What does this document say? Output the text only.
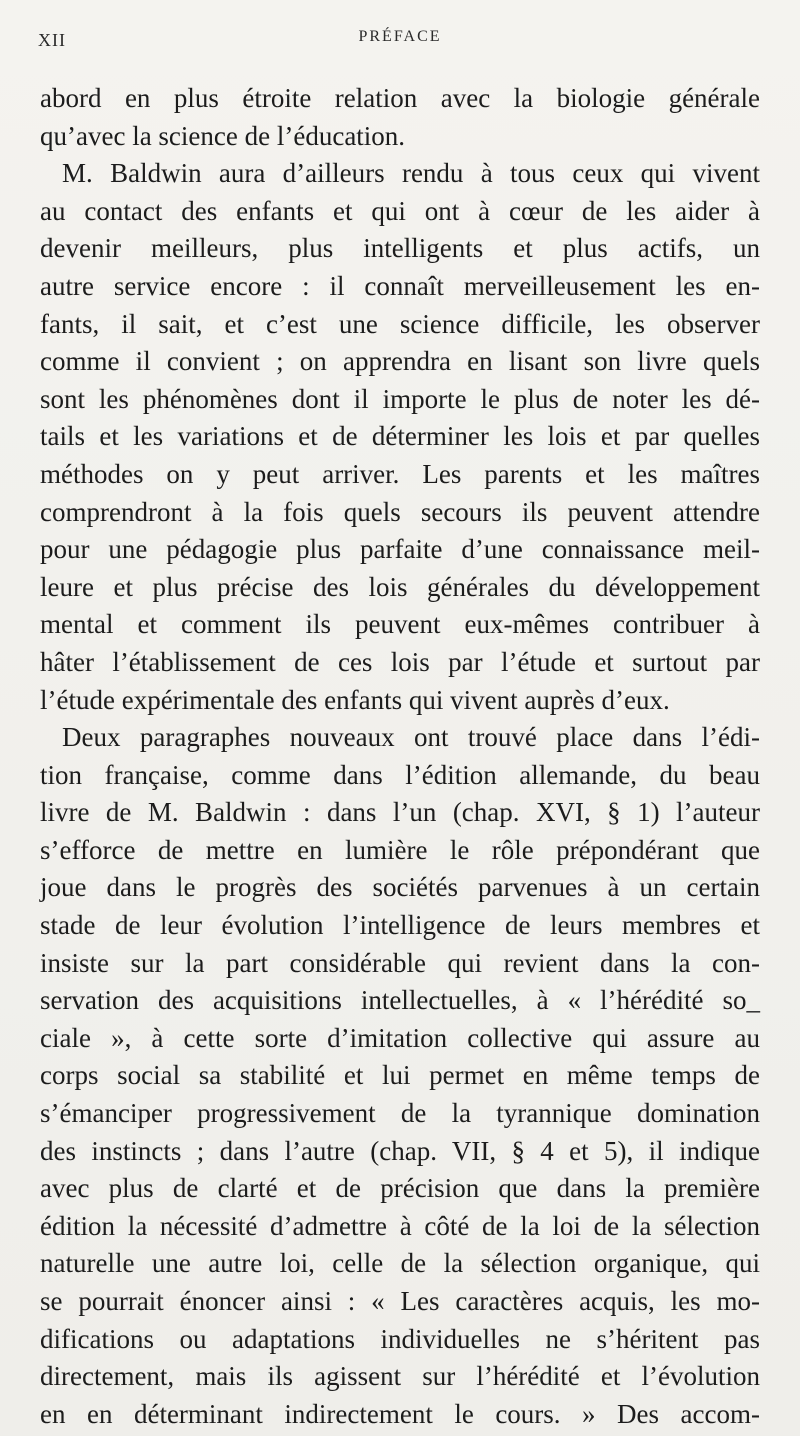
XII	PRÉFACE
abord en plus étroite relation avec la biologie générale
qu’avec la science de l’éducation.
M. Baldwin aura d’ailleurs rendu à tous ceux qui vivent
au contact des enfants et qui ont à cœur de les aider à
devenir meilleurs, plus intelligents et plus actifs, un
autre service encore : il connaît merveilleusement les en-
fants, il sait, et c’est une science difficile, les observer
comme il convient ; on apprendra en lisant son livre quels
sont les phénomènes dont il importe le plus de noter les dé-
tails et les variations et de déterminer les lois et par quelles
méthodes on y peut arriver. Les parents et les maîtres
comprendront à la fois quels secours ils peuvent attendre
pour une pédagogie plus parfaite d’une connaissance meil-
leure et plus précise des lois générales du développement
mental et comment ils peuvent eux-mêmes contribuer à
hâter l’établissement de ces lois par l’étude et surtout par
l’étude expérimentale des enfants qui vivent auprès d’eux.
Deux paragraphes nouveaux ont trouvé place dans l’édi-
tion française, comme dans l’édition allemande, du beau
livre de M. Baldwin : dans l’un (chap. XVI, § 1) l’auteur
s’efforce de mettre en lumière le rôle prépondérant que
joue dans le progrès des sociétés parvenues à un certain
stade de leur évolution l’intelligence de leurs membres et
insiste sur la part considérable qui revient dans la con-
servation des acquisitions intellectuelles, à « l’hérédité so_
ciale », à cette sorte d’imitation collective qui assure au
corps social sa stabilité et lui permet en même temps de
s’émanciper progressivement de la tyrannique domination
des instincts ; dans l’autre (chap. VII, § 4 et 5), il indique
avec plus de clarté et de précision que dans la première
édition la nécessité d’admettre à côté de la loi de la sélection
naturelle une autre loi, celle de la sélection organique, qui
se pourrait énoncer ainsi : « Les caractères acquis, les mo-
difications ou adaptations individuelles ne s’héritent pas
directement, mais ils agissent sur l’hérédité et l’évolution
en en déterminant indirectement le cours. » Des accom-
